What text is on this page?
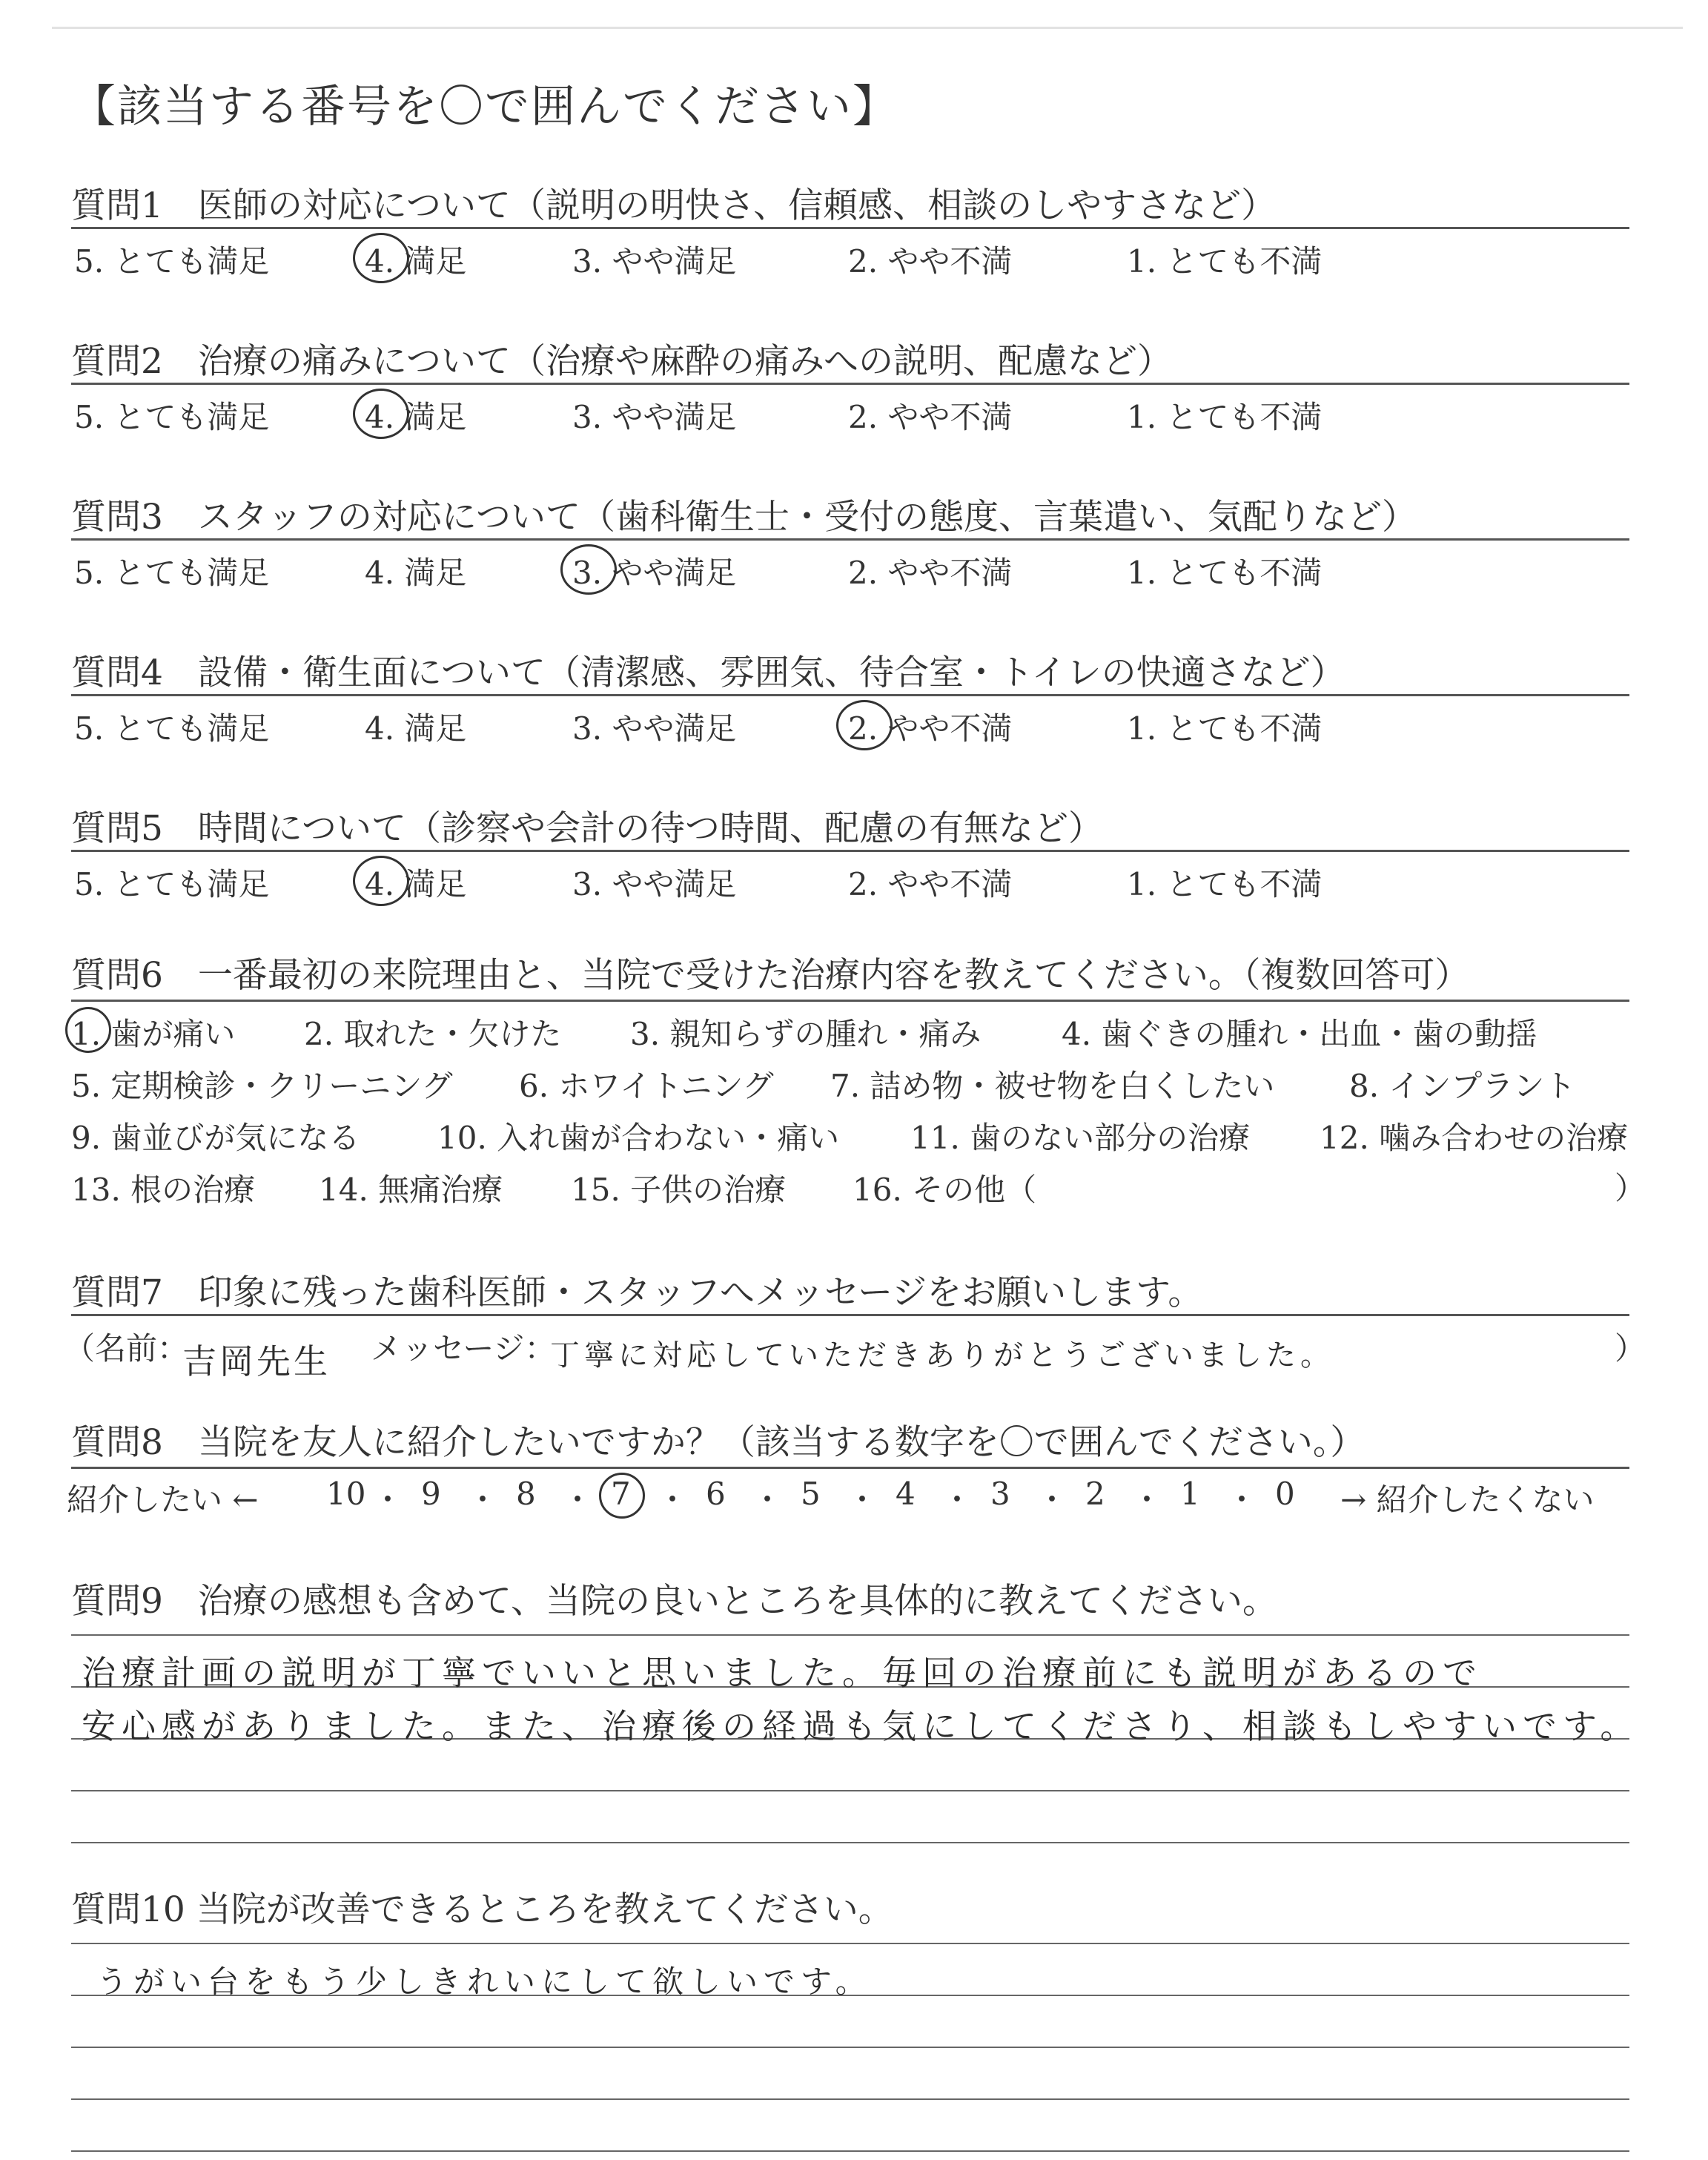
【該当する番号を〇で囲んでください】
質問1　医師の対応について（説明の明快さ、信頼感、相談のしやすさなど）
5. とても満足	4. 満足	3. やや満足	2. やや不満	1. とても不満
質問2　治療の痛みについて（治療や麻酔の痛みへの説明、配慮など）
5. とても満足	4. 満足	3. やや満足	2. やや不満	1. とても不満
質問3　スタッフの対応について（歯科衛生士・受付の態度、言葉遣い、気配りなど）
5. とても満足	4. 満足	3. やや満足	2. やや不満	1. とても不満
質問4　設備・衛生面について（清潔感、雰囲気、待合室・トイレの快適さなど）
5. とても満足	4. 満足	3. やや満足	2. やや不満	1. とても不満
質問5　時間について（診察や会計の待つ時間、配慮の有無など）
5. とても満足	4. 満足	3. やや満足	2. やや不満	1. とても不満
質問6　一番最初の来院理由と、当院で受けた治療内容を教えてください。（複数回答可）
1. 歯が痛い 2. 取れた・欠けた 3. 親知らずの腫れ・痛み	4. 歯ぐきの腫れ・出血・歯の動揺
5. 定期検診・クリーニング 6. ホワイトニング 7. 詰め物・被せ物を白くしたい 8. インプラント
9. 歯並びが気になる 10. 入れ歯が合わない・痛い 11. 歯のない部分の治療 12. 噛み合わせの治療
13. 根の治療 14. 無痛治療 15. 子供の治療 16. その他（	）
質問7　印象に残った歯科医師・スタッフへメッセージをお願いします。
（名前：
吉岡先生 メッセージ：
丁寧に対応していただきありがとうございました。	）
質問8　当院を友人に紹介したいですか？（該当する数字を〇で囲んでください。）
紹介したい ← 10 ・ 9 ・ 8 ・ 7 ・ 6 ・ 5 ・ 4 ・ 3 ・ 2 ・ 1 ・ 0 → 紹介したくない
質問9　治療の感想も含めて、当院の良いところを具体的に教えてください。
治療計画の説明が丁寧でいいと思いました。毎回の治療前にも説明があるので
安心感がありました。また、治療後の経過も気にしてくださり、相談もしやすいです。
質問10 当院が改善できるところを教えてください。
うがい台をもう少しきれいにして欲しいです。
